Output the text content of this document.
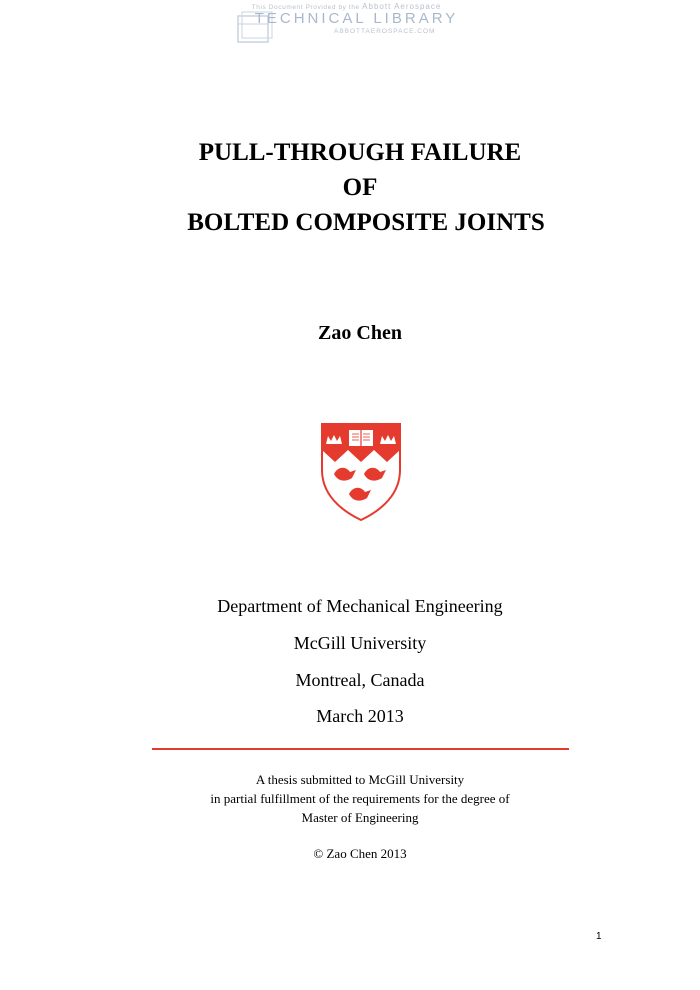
This Document Provided by the Abbott Aerospace
TECHNICAL LIBRARY
ABBOTTAEROSPACE.COM
PULL-THROUGH FAILURE
OF
BOLTED COMPOSITE JOINTS
Zao Chen
Department of Mechanical Engineering
McGill University
Montreal, Canada
March 2013
A thesis submitted to McGill University
in partial fulfillment of the requirements for the degree of
Master of Engineering
© Zao Chen 2013
1
